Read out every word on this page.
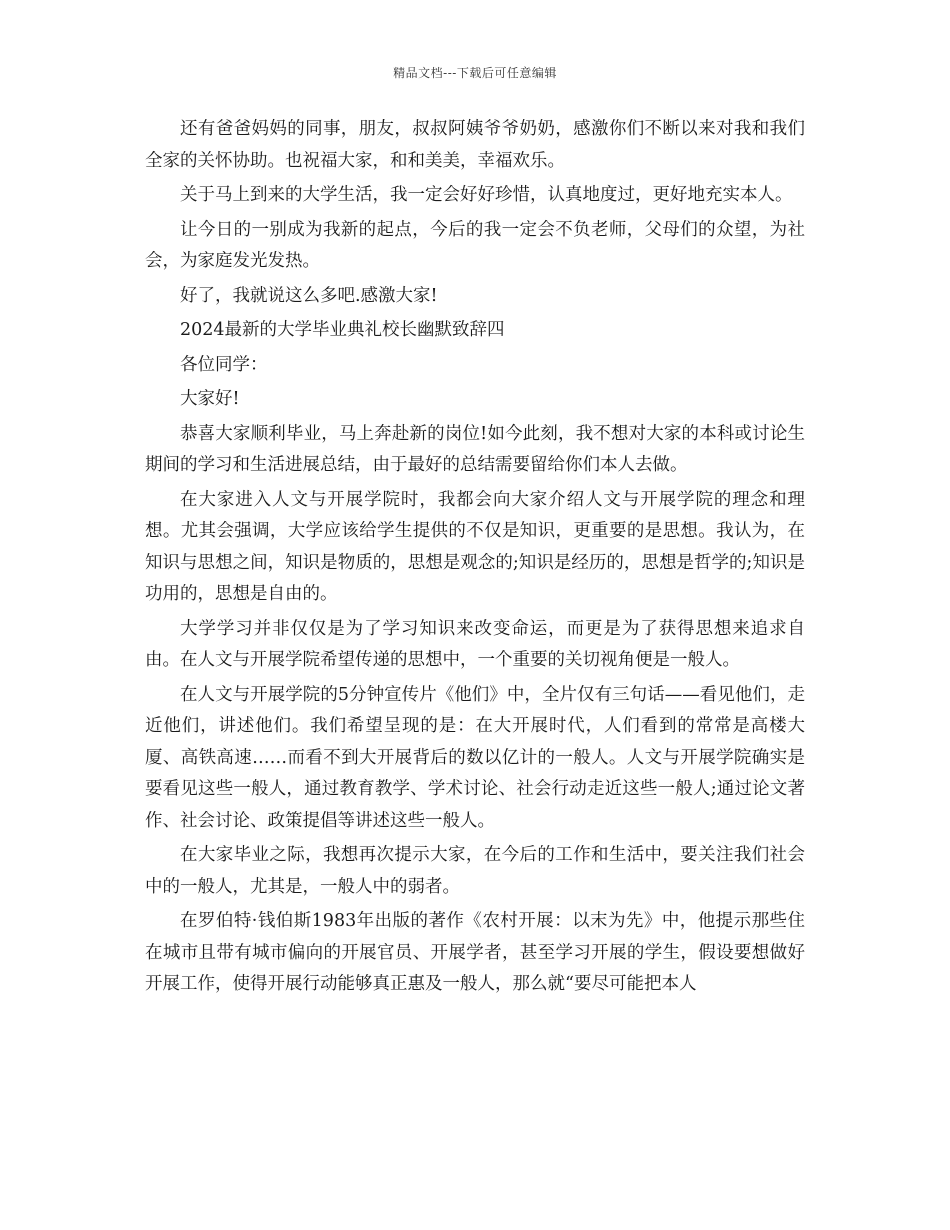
精品文档---下载后可任意编辑

还有爸爸妈妈的同事，朋友，叔叔阿姨爷爷奶奶，感激你们不断以来对我和我们全家的关怀协助。也祝福大家，和和美美，幸福欢乐。

关于马上到来的大学生活，我一定会好好珍惜，认真地度过，更好地充实本人。

让今日的一别成为我新的起点，今后的我一定会不负老师，父母们的众望，为社会，为家庭发光发热。

好了，我就说这么多吧.感激大家!

2024最新的大学毕业典礼校长幽默致辞四

各位同学：

大家好!

恭喜大家顺利毕业，马上奔赴新的岗位!如今此刻，我不想对大家的本科或讨论生期间的学习和生活进展总结，由于最好的总结需要留给你们本人去做。

在大家进入人文与开展学院时，我都会向大家介绍人文与开展学院的理念和理想。尤其会强调，大学应该给学生提供的不仅是知识，更重要的是思想。我认为，在知识与思想之间，知识是物质的，思想是观念的;知识是经历的，思想是哲学的;知识是功用的，思想是自由的。

大学学习并非仅仅是为了学习知识来改变命运，而更是为了获得思想来追求自由。在人文与开展学院希望传递的思想中，一个重要的关切视角便是一般人。

在人文与开展学院的5分钟宣传片《他们》中，全片仅有三句话——看见他们，走近他们，讲述他们。我们希望呈现的是：在大开展时代，人们看到的常常是高楼大厦、高铁高速……而看不到大开展背后的数以亿计的一般人。人文与开展学院确实是要看见这些一般人，通过教育教学、学术讨论、社会行动走近这些一般人;通过论文著作、社会讨论、政策提倡等讲述这些一般人。

在大家毕业之际，我想再次提示大家，在今后的工作和生活中，要关注我们社会中的一般人，尤其是，一般人中的弱者。

在罗伯特·钱伯斯1983年出版的著作《农村开展：以末为先》中，他提示那些住在城市且带有城市偏向的开展官员、开展学者，甚至学习开展的学生，假设要想做好开展工作，使得开展行动能够真正惠及一般人，那么就“要尽可能把本人
